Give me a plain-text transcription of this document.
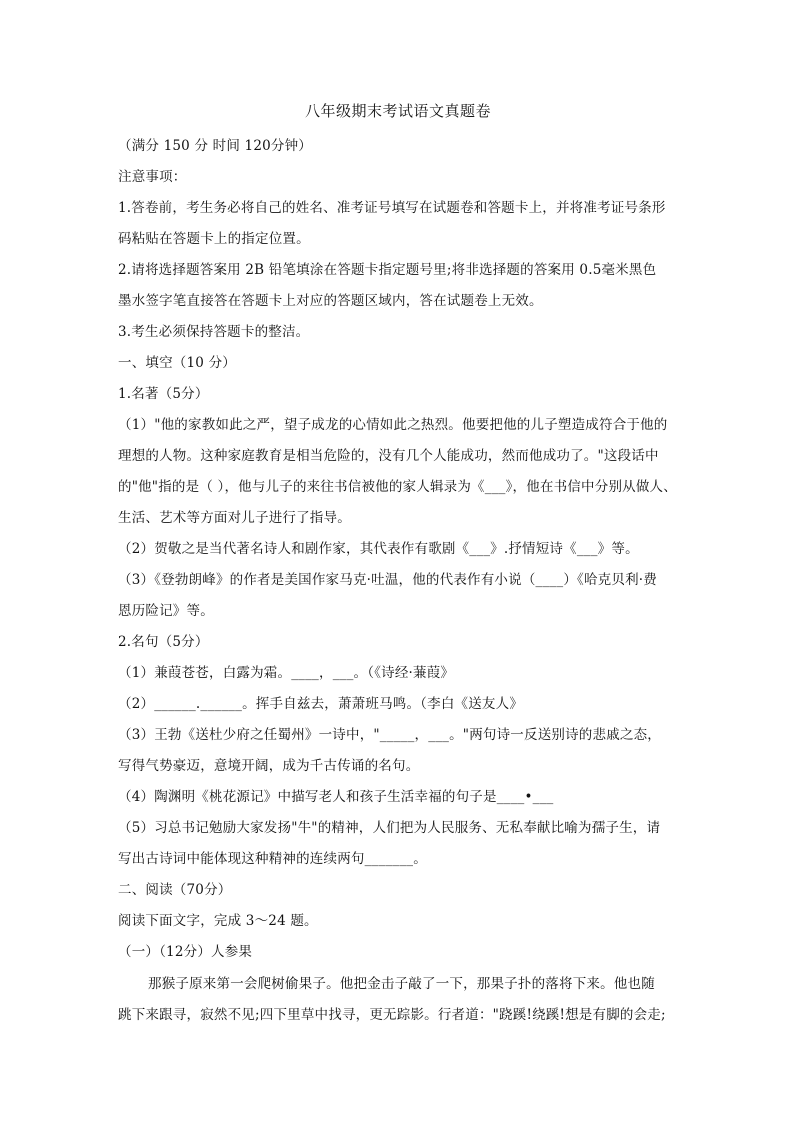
八年级期末考试语文真题卷
（满分 150 分 时间 120分钟）
注意事项：
1.答卷前，考生务必将自己的姓名、准考证号填写在试题卷和答题卡上，并将准考证号条形
码粘贴在答题卡上的指定位置。
2.请将选择题答案用 2B 铅笔填涂在答题卡指定题号里;将非选择题的答案用 0.5毫米黑色
墨水签字笔直接答在答题卡上对应的答题区域内，答在试题卷上无效。
3.考生必须保持答题卡的整洁。
一、填空（10 分）
1.名著（5分）
（1）"他的家教如此之严，望子成龙的心情如此之热烈。他要把他的儿子塑造成符合于他的
理想的人物。这种家庭教育是相当危险的，没有几个人能成功，然而他成功了。"这段话中
的"他"指的是（ ），他与儿子的来往书信被他的家人辑录为《___》，他在书信中分别从做人、
生活、艺术等方面对儿子进行了指导。
（2）贺敬之是当代著名诗人和剧作家，其代表作有歌剧《___》.抒情短诗《___》等。
（3）《登勃朗峰》的作者是美国作家马克·吐温，他的代表作有小说（____）《哈克贝利·费
恩历险记》等。
2.名句（5分）
（1）兼葭苍苍，白露为霜。____，___。（《诗经·蒹葭》
（2）______.______。挥手自兹去，萧萧班马鸣。（李白《送友人》
（3）王勃《送杜少府之任蜀州》一诗中，"_____，___。"两句诗一反送别诗的悲戚之态，
写得气势豪迈，意境开阔，成为千古传诵的名句。
（4）陶渊明《桃花源记》中描写老人和孩子生活幸福的句子是____•___
（5）习总书记勉励大家发扬"牛"的精神，人们把为人民服务、无私奉献比喻为孺子生，请
写出古诗词中能体现这种精神的连续两句_______。
二、阅读（70分）
阅读下面文字，完成 3～24 题。
（一）（12分）人参果
那猴子原来第一会爬树偷果子。他把金击子敲了一下，那果子扑的落将下来。他也随
跳下来跟寻，寂然不见;四下里草中找寻，更无踪影。行者道："跷蹊!绕蹊!想是有脚的会走;
